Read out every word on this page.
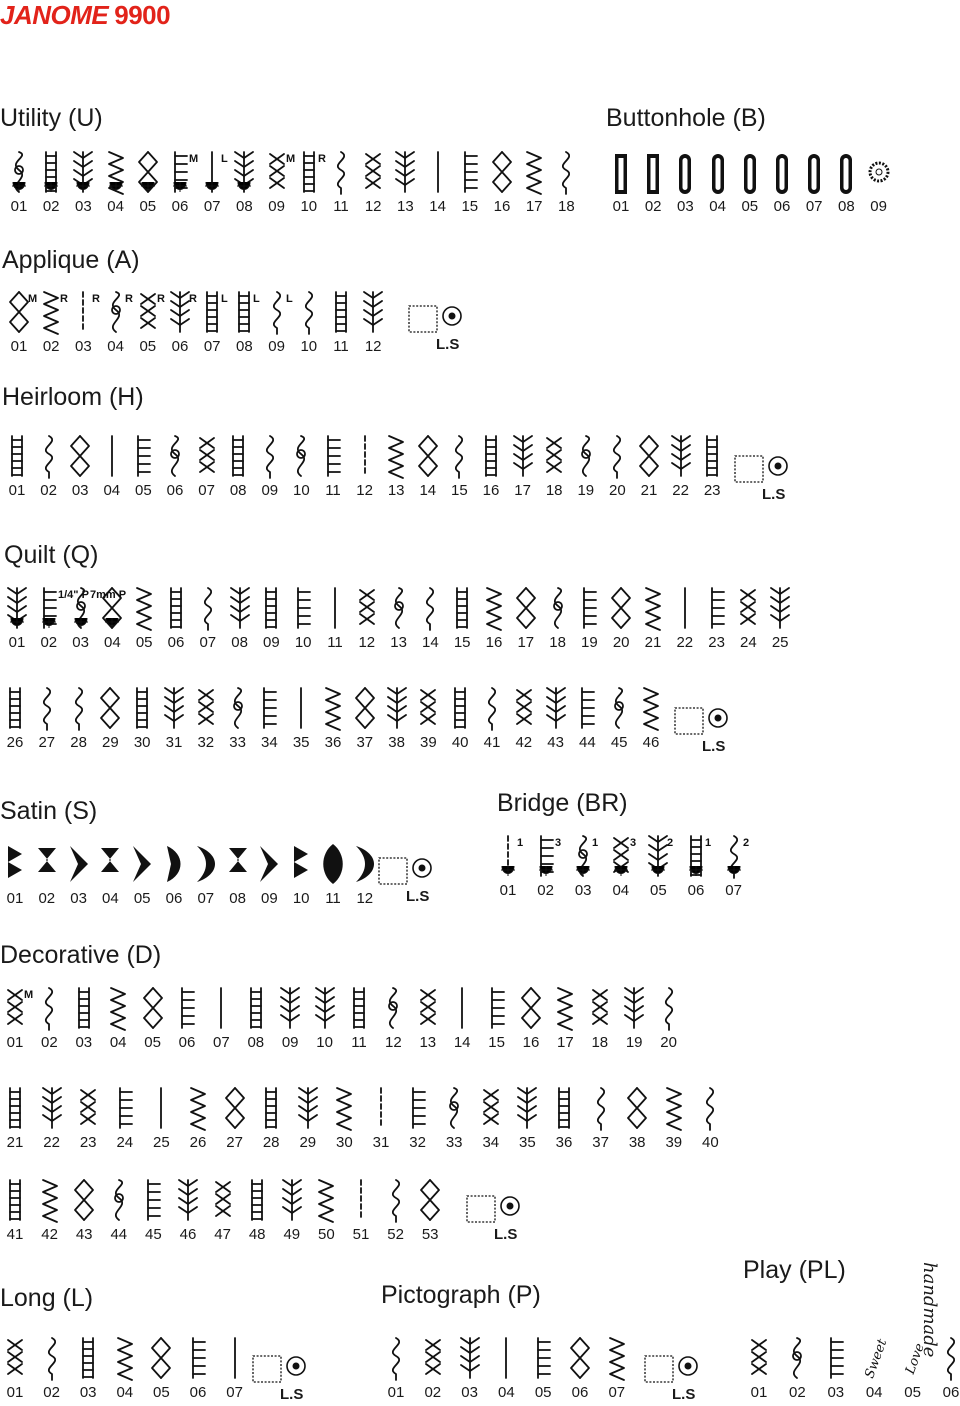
JANOME 9900
Utility (U)
01	02	03	04	05
M
06
L
07	08
M
09
R
10	11	12	13	14	15	16	17	18
Buttonhole (B)
01	02	03	04	05	06	07	08	09
Applique (A)
M
01
R
02
R
03
R
04
R
05
R
06
L
07
L
08
L
09	10	11	12	L.S
Heirloom (H)
01 02 03 04 05 06 07 08 09 10	11	12 13 14 15 16 17 18 19 20 21 22 23	L.S
Quilt (Q)
01
1/4" P
02
7mm P
03	04	05	06	07	08	09	10	11	12	13	14	15	16	17	18	19	20	21	22	23	24	25
26	27	28	29	30	31	32	33	34	35	36	37	38	39	40	41	42	43	44	45	46	L.S
Satin (S)
01	02	03	04	05	06	07	08	09	10	11	12	L.S
Bridge (BR)
1
01
3
02
1
03
3
04
2
05
1
06
2
07
Decorative (D)
M
01	02	03	04	05	06	07	08	09	10	11	12	13	14	15	16	17	18	19	20
21	22	23	24	25	26	27	28	29	30	31	32	33	34	35	36	37	38	39	40
41	42	43	44	45	46	47	48	49	50	51	52	53	L.S
Long (L)
01	02	03	04	05	06	07	L.S
Pictograph (P)
01	02	03	04	05	06	07	L.S
Play (PL)
01	02	03
Sweet
04
Love
05	06
handmade
